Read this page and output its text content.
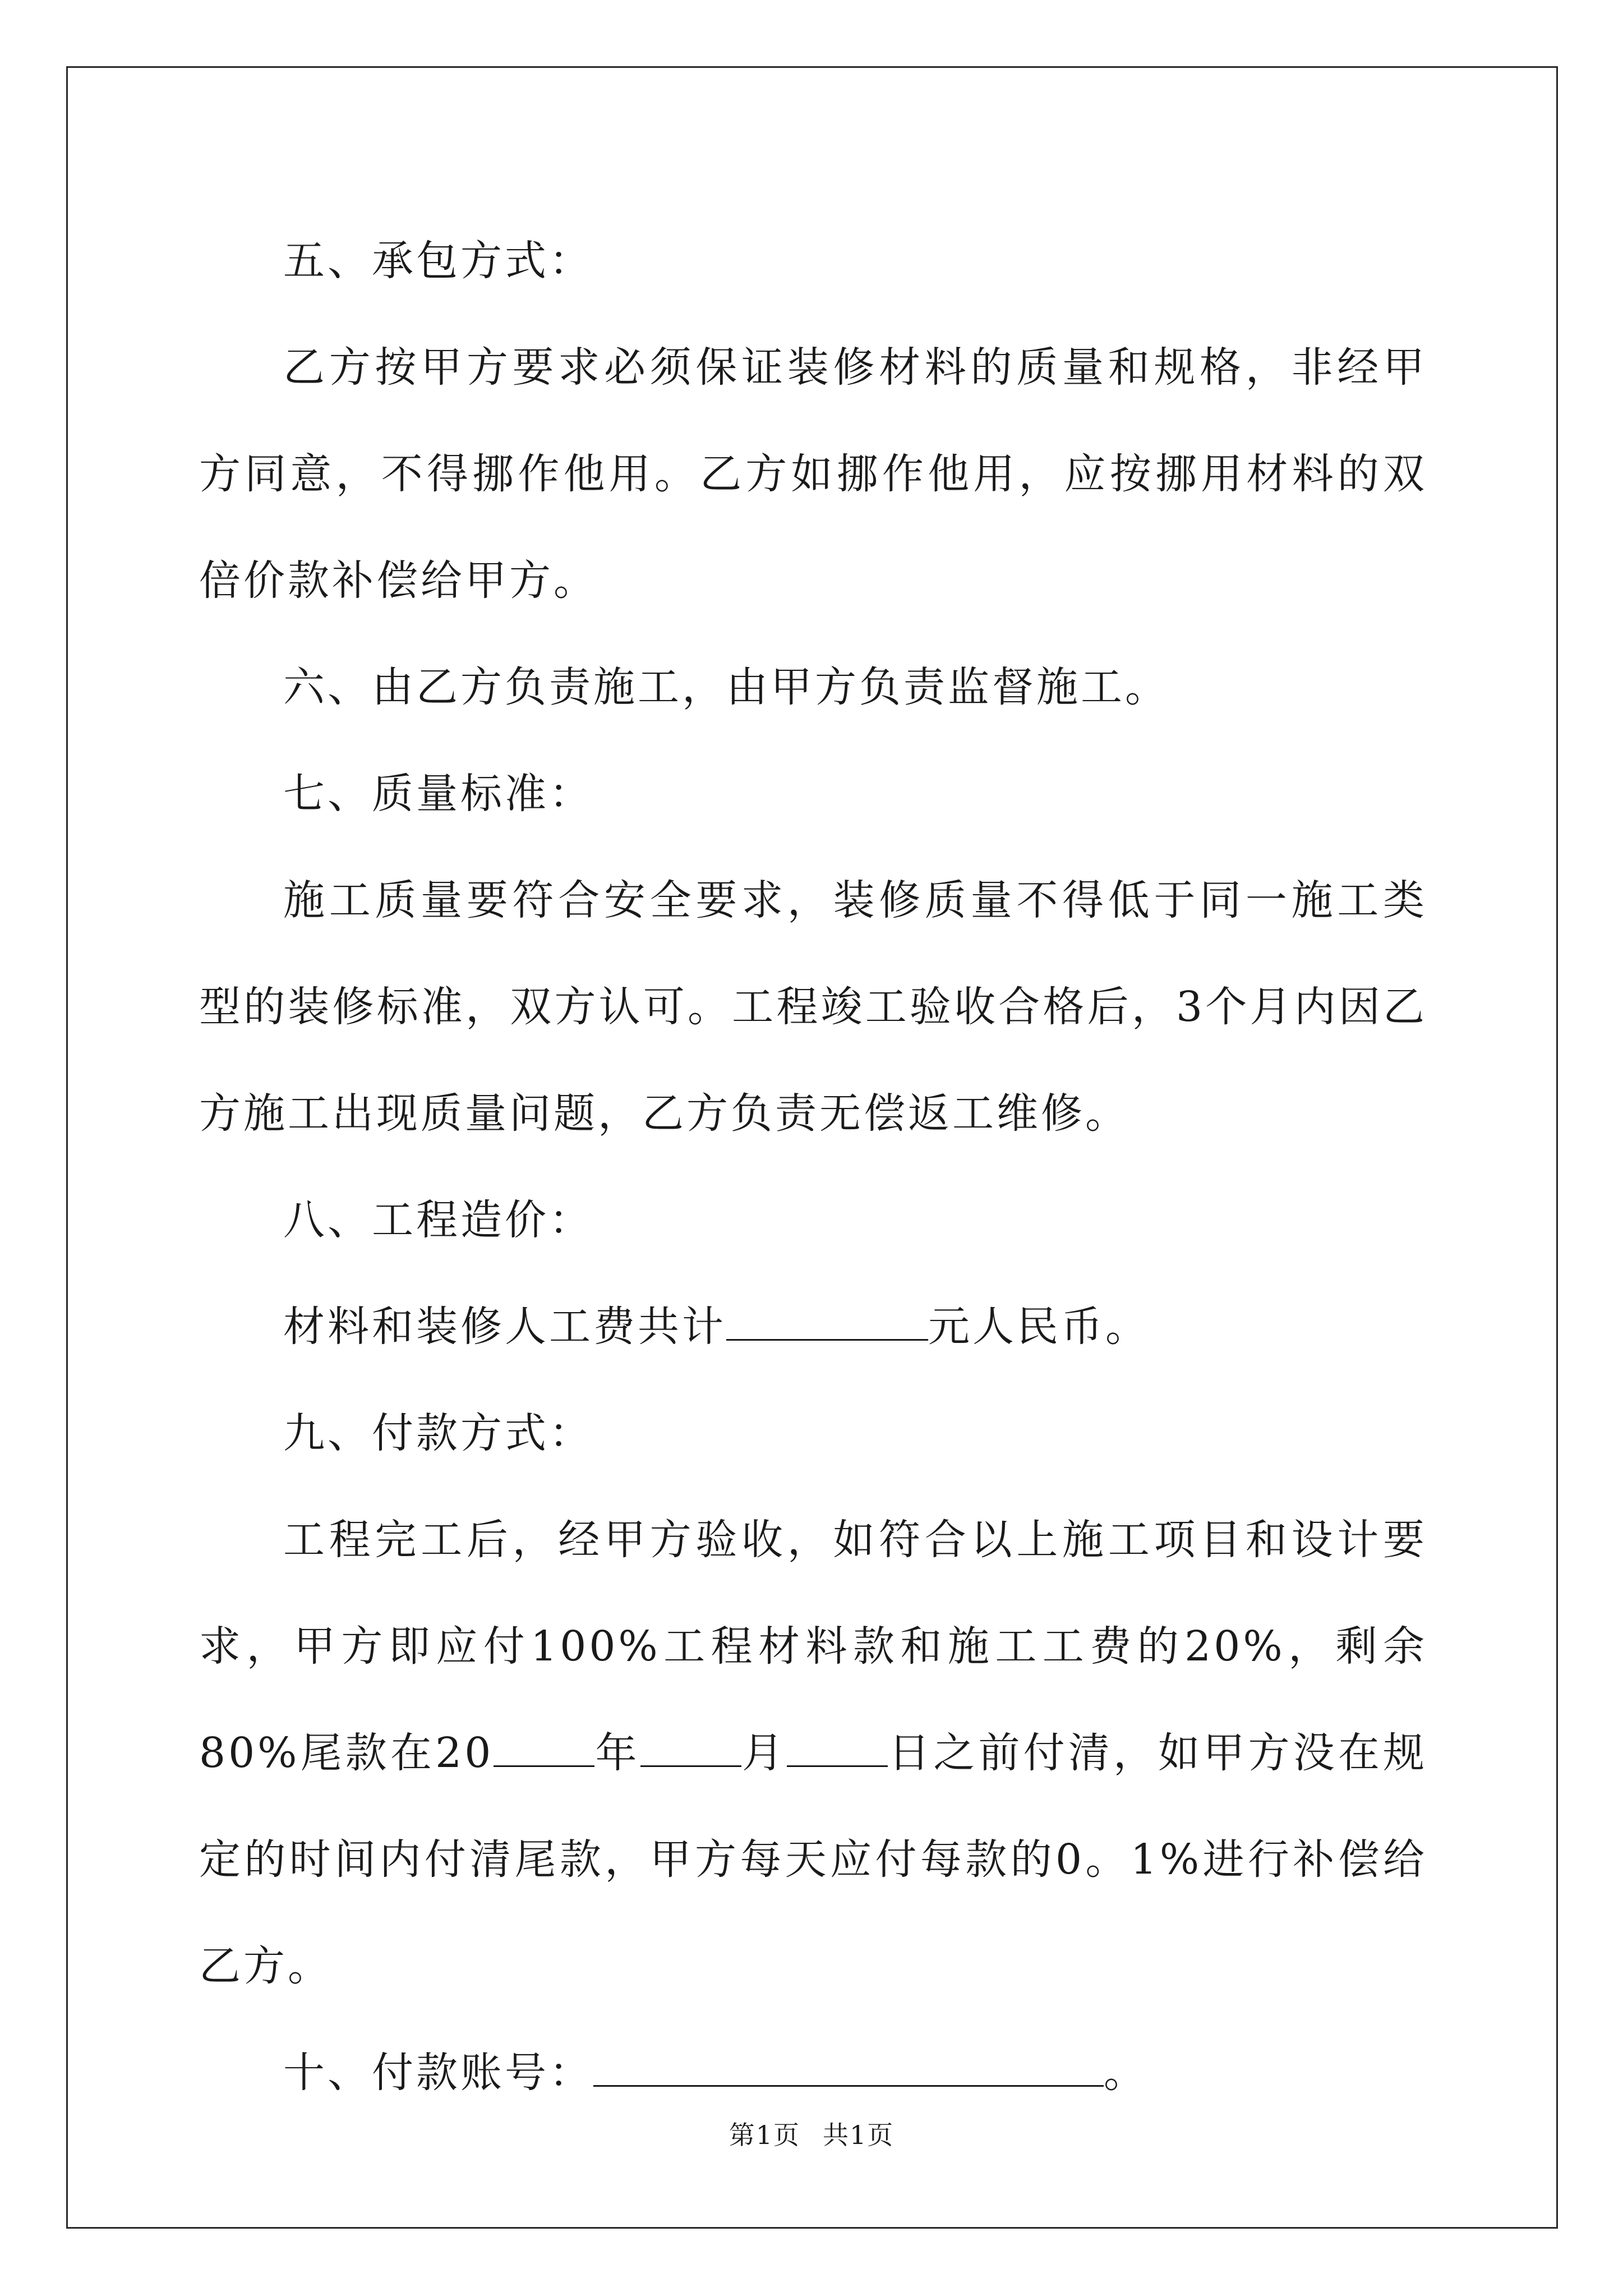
五、承包方式：

乙方按甲方要求必须保证装修材料的质量和规格，非经甲方同意，不得挪作他用。乙方如挪作他用，应按挪用材料的双倍价款补偿给甲方。

六、由乙方负责施工，由甲方负责监督施工。

七、质量标准：

施工质量要符合安全要求，装修质量不得低于同一施工类型的装修标准，双方认可。工程竣工验收合格后，3个月内因乙方施工出现质量问题，乙方负责无偿返工维修。

八、工程造价：

材料和装修人工费共计	元人民币。

九、付款方式：

工程完工后，经甲方验收，如符合以上施工项目和设计要求，甲方即应付100%工程材料款和施工工费的20%，剩余80%尾款在20 年 月 日之前付清，如甲方没在规定的时间内付清尾款，甲方每天应付每款的0。1%进行补偿给乙方。

十、付款账号：	。

第1页 共1页
